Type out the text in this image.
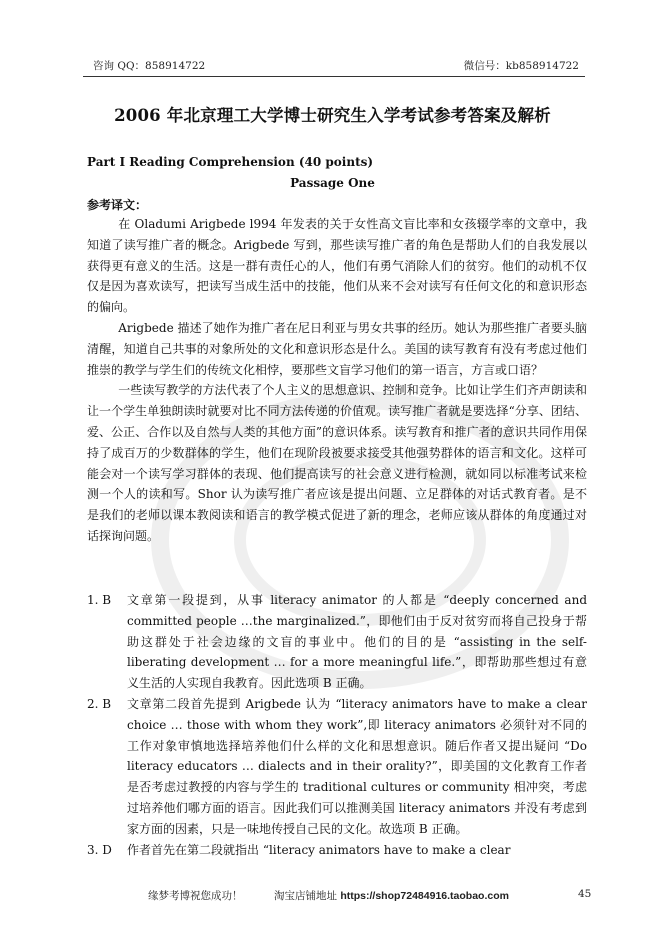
咨询 QQ：858914722	微信号：kb858914722
2006 年北京理工大学博士研究生入学考试参考答案及解析
Part Ⅰ Reading Comprehension (40 points)
Passage One
参考译文：

在 Oladumi Arigbede l994 年发表的关于女性高文盲比率和女孩辍学率的文章中，我知道了读写推广者的概念。Arigbede 写到，那些读写推广者的角色是帮助人们的自我发展以获得更有意义的生活。这是一群有责任心的人，他们有勇气消除人们的贫穷。他们的动机不仅仅是因为喜欢读写，把读写当成生活中的技能，他们从来不会对读写有任何文化的和意识形态的偏向。

Arigbede 描述了她作为推广者在尼日利亚与男女共事的经历。她认为那些推广者要头脑清醒，知道自己共事的对象所处的文化和意识形态是什么。美国的读写教育有没有考虑过他们推崇的教学与学生们的传统文化相悖，要那些文盲学习他们的第一语言，方言或口语？

一些读写教学的方法代表了个人主义的思想意识、控制和竞争。比如让学生们齐声朗读和让一个学生单独朗读时就要对比不同方法传递的价值观。读写推广者就是要选择“分享、团结、爱、公正、合作以及自然与人类的其他方面”的意识体系。读写教育和推广者的意识共同作用保持了成百万的少数群体的学生，他们在现阶段被要求接受其他强势群体的语言和文化。这样可能会对一个读写学习群体的表现、他们提高读写的社会意义进行检测，就如同以标准考试来检测一个人的读和写。Shor 认为读写推广者应该是提出问题、立足群体的对话式教育者。是不是我们的老师以课本教阅读和语言的教学模式促进了新的理念，老师应该从群体的角度通过对话探询问题。

1. B 文章第一段提到，从事 literacy animator 的人都是 “deeply concerned and committed people …the marginalized.”，即他们由于反对贫穷而将自己投身于帮助这群处于社会边缘的文盲的事业中。他们的目的是 “assisting in the self-liberating development … for a more meaningful life.”，即帮助那些想过有意义生活的人实现自我教育。因此选项 B 正确。
2. B 文章第二段首先提到 Arigbede 认为 “literacy animators have to make a clear choice … those with whom they work”,即 literacy animators 必须针对不同的工作对象审慎地选择培养他们什么样的文化和思想意识。随后作者又提出疑问 “Do literacy educators … dialects and in their orality?”，即美国的文化教育工作者是否考虑过教授的内容与学生的 traditional cultures or community 相冲突，考虑过培养他们哪方面的语言。因此我们可以推测美国 literacy animators 并没有考虑到家方面的因素，只是一味地传授自己民的文化。故选项 B 正确。
3. D 作者首先在第二段就指出 “literacy animators have to make a clear
缘梦考博祝您成功！	淘宝店铺地址 https://shop72484916.taobao.com	45
